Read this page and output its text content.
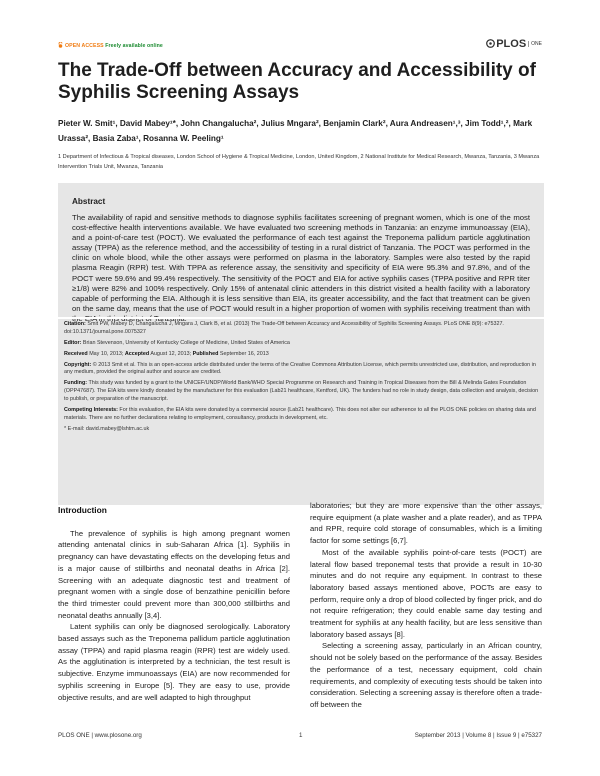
OPEN ACCESS Freely available online	PLOS ONE
The Trade-Off between Accuracy and Accessibility of Syphilis Screening Assays
Pieter W. Smit¹, David Mabey¹*, John Changalucha², Julius Mngara², Benjamin Clark², Aura Andreasen¹,³, Jim Todd¹,², Mark Urassa², Basia Zaba¹, Rosanna W. Peeling¹
1 Department of Infectious & Tropical diseases, London School of Hygiene & Tropical Medicine, London, United Kingdom, 2 National Institute for Medical Research, Mwanza, Tanzania, 3 Mwanza Intervention Trials Unit, Mwanza, Tanzania
Abstract
The availability of rapid and sensitive methods to diagnose syphilis facilitates screening of pregnant women, which is one of the most cost-effective health interventions available. We have evaluated two screening methods in Tanzania: an enzyme immunoassay (EIA), and a point-of-care test (POCT). We evaluated the performance of each test against the Treponema pallidum particle agglutination assay (TPPA) as the reference method, and the accessibility of testing in a rural district of Tanzania. The POCT was performed in the clinic on whole blood, while the other assays were performed on plasma in the laboratory. Samples were also tested by the rapid plasma Reagin (RPR) test. With TPPA as reference assay, the sensitivity and specificity of EIA were 95.3% and 97.8%, and of the POCT were 59.6% and 99.4% respectively. The sensitivity of the POCT and EIA for active syphilis cases (TPPA positive and RPR titer ≥1/8) were 82% and 100% respectively. Only 15% of antenatal clinic attenders in this district visited a health facility with a laboratory capable of performing the EIA. Although it is less sensitive than EIA, its greater accessibility, and the fact that treatment can be given on the same day, means that the use of POCT would result in a higher proportion of women with syphilis receiving treatment than with the EIA in this district of Tanzania.

Citation: Smit PW, Mabey D, Changalucha J, Mngara J, Clark B, et al. (2013) The Trade-Off between Accuracy and Accessibility of Syphilis Screening Assays. PLoS ONE 8(9): e75327. doi:10.1371/journal.pone.0075327

Editor: Brian Stevenson, University of Kentucky College of Medicine, United States of America

Received May 10, 2013; Accepted August 12, 2013; Published September 16, 2013

Copyright: © 2013 Smit et al. This is an open-access article distributed under the terms of the Creative Commons Attribution License, which permits unrestricted use, distribution, and reproduction in any medium, provided the original author and source are credited.

Funding: This study was funded by a grant to the UNICEF/UNDP/World Bank/WHO Special Programme on Research and Training in Tropical Diseases from the Bill & Melinda Gates Foundation (OPP47687). The EIA kits were kindly donated by the manufacturer for this evaluation (Lab21 healthcare, Kentford, UK). The funders had no role in study design, data collection and analysis, decision to publish, or preparation of the manuscript.

Competing Interests: For this evaluation, the EIA kits were donated by a commercial source (Lab21 healthcare). This does not alter our adherence to all the PLOS ONE policies on sharing data and materials. There are no further declarations relating to employment, consultancy, products in development, etc.

* E-mail: david.mabey@lshtm.ac.uk

Introduction

The prevalence of syphilis is high among pregnant women attending antenatal clinics in sub-Saharan Africa [1]. Syphilis in pregnancy can have devastating effects on the developing fetus and is a major cause of stillbirths and neonatal deaths in Africa [2]. Screening with an adequate diagnostic test and treatment of pregnant women with a single dose of benzathine penicillin before the third trimester could prevent more than 300,000 stillbirths and neonatal deaths annually [3,4].

Latent syphilis can only be diagnosed serologically. Laboratory based assays such as the Treponema pallidum particle agglutination assay (TPPA) and rapid plasma reagin (RPR) test are widely used. As the agglutination is interpreted by a technician, the test result is subjective. Enzyme immunoassays (EIA) are now recommended for syphilis screening in Europe [5]. They are easy to use, provide objective results, and are well adapted to high throughput

laboratories; but they are more expensive than the other assays, require equipment (a plate washer and a plate reader), and as TPPA and RPR, require cold storage of consumables, which is a limiting factor for some settings [6,7].

Most of the available syphilis point-of-care tests (POCT) are lateral flow based treponemal tests that provide a result in 10-30 minutes and do not require any equipment. In contrast to these laboratory based assays mentioned above, POCTs are easy to perform, require only a drop of blood collected by finger prick, and do not require refrigeration; they could enable same day testing and treatment for syphilis at any health facility, but are less sensitive than laboratory based assays [8].

Selecting a screening assay, particularly in an African country, should not be solely based on the performance of the assay. Besides the performance of a test, necessary equipment, cold chain requirements, and complexity of executing tests should be taken into consideration. Selecting a screening assay is therefore often a trade-off between the

PLOS ONE | www.plosone.org	1	September 2013 | Volume 8 | Issue 9 | e75327
